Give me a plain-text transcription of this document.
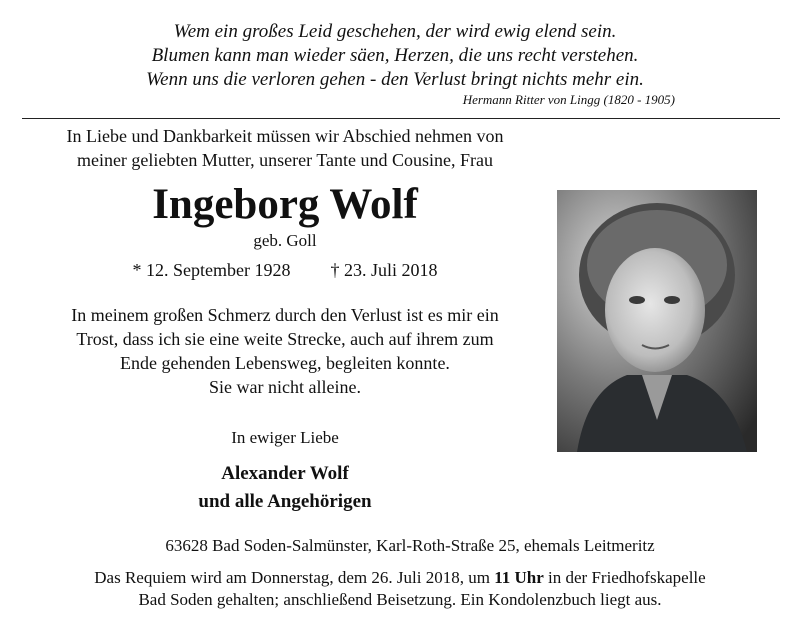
Wem ein großes Leid geschehen, der wird ewig elend sein.
Blumen kann man wieder säen, Herzen, die uns recht verstehen.
Wenn uns die verloren gehen - den Verlust bringt nichts mehr ein.
Hermann Ritter von Lingg (1820 - 1905)
In Liebe und Dankbarkeit müssen wir Abschied nehmen von
meiner geliebten Mutter, unserer Tante und Cousine, Frau
Ingeborg Wolf
geb. Goll
* 12. September 1928 † 23. Juli 2018
In meinem großen Schmerz durch den Verlust ist es mir ein
Trost, dass ich sie eine weite Strecke, auch auf ihrem zum
Ende gehenden Lebensweg, begleiten konnte.
Sie war nicht alleine.
In ewiger Liebe
Alexander Wolf
und alle Angehörigen
63628 Bad Soden-Salmünster, Karl-Roth-Straße 25, ehemals Leitmeritz
Das Requiem wird am Donnerstag, dem 26. Juli 2018, um 11 Uhr in der Friedhofskapelle
Bad Soden gehalten; anschließend Beisetzung. Ein Kondolenzbuch liegt aus.
